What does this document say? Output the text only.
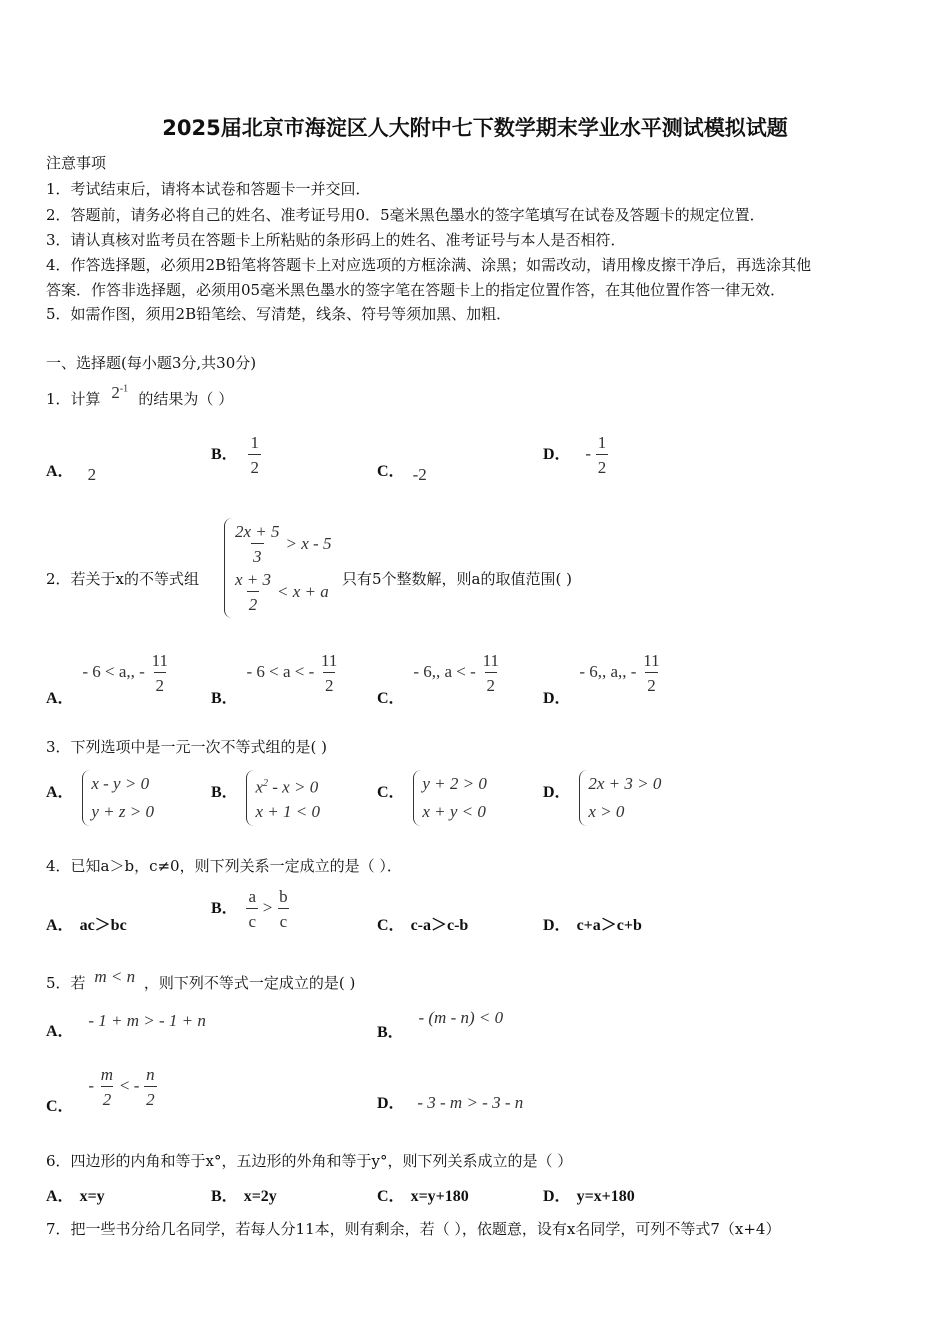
2025届北京市海淀区人大附中七下数学期末学业水平测试模拟试题
注意事项
1．考试结束后，请将本试卷和答题卡一并交回．
2．答题前，请务必将自己的姓名、准考证号用0．5毫米黑色墨水的签字笔填写在试卷及答题卡的规定位置．
3．请认真核对监考员在答题卡上所粘贴的条形码上的姓名、准考证号与本人是否相符．
4．作答选择题，必须用2B铅笔将答题卡上对应选项的方框涂满、涂黑；如需改动，请用橡皮擦干净后，再选涂其他
答案．作答非选择题，必须用05毫米黑色墨水的签字笔在答题卡上的指定位置作答，在其他位置作答一律无效．
5．如需作图，须用2B铅笔绘、写清楚，线条、符号等须加黑、加粗．
一、选择题(每小题3分,共30分)
1．计算 $2^{-1}$ 的结果为（ ）
A． 2
B． $\frac{1}{2}$	C． -2
D． - $\frac{1}{2}$
2．若关于x的不等式组
$\frac{2x + 5}{3} > x - 5$
$\frac{x + 3}{2} < x + a$
只有5个整数解，则a的取值范围( )
A． - 6 < a,, - $\frac{11}{2}$
B． - 6 < a < - $\frac{11}{2}$
C． - 6,, a < - $\frac{11}{2}$
D． - 6,, a,, - $\frac{11}{2}$
3．下列选项中是一元一次不等式组的是( )
A． x - y > 0
y + z > 0
B． $x^2 - x > 0$
x + 1 < 0
C． y + 2 > 0
x + y < 0
D． 2x + 3 > 0
x > 0
4．已知a＞b，c≠0，则下列关系一定成立的是（ ）．
A． ac＞bc
B． $\frac{a}{c} > \frac{b}{c}$	C． c-a＞c-b	D． c+a＞c+b
5．若 m < n ，则下列不等式一定成立的是( )
A． - 1 + m > - 1 + n
B． - (m - n) < 0
C． - $\frac{m}{2}$ < - $\frac{n}{2}$	D． - 3 - m > - 3 - n
6．四边形的内角和等于x°，五边形的外角和等于y°，则下列关系成立的是（ ）
A． x=y	B． x=2y	C． x=y+180	D． y=x+180
7．把一些书分给几名同学，若每人分11本，则有剩余，若（ ），依题意，设有x名同学，可列不等式7（x+4）
